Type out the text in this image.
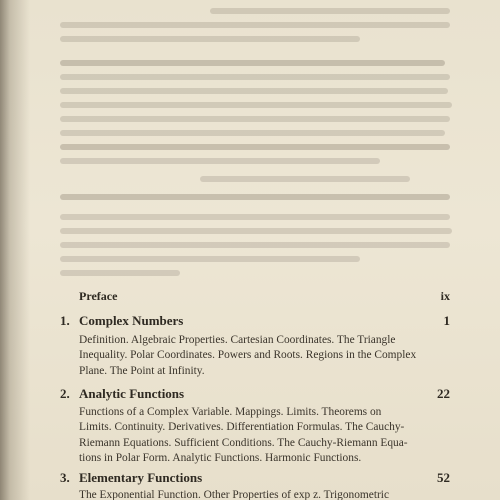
Preface	ix
1. Complex Numbers	1
Definition. Algebraic Properties. Cartesian Coordinates. The Triangle
Inequality. Polar Coordinates. Powers and Roots. Regions in the Complex
Plane. The Point at Infinity.
2. Analytic Functions	22
Functions of a Complex Variable. Mappings. Limits. Theorems on
Limits. Continuity. Derivatives. Differentiation Formulas. The Cauchy-
Riemann Equations. Sufficient Conditions. The Cauchy-Riemann Equa-
tions in Polar Form. Analytic Functions. Harmonic Functions.
3. Elementary Functions	52
The Exponential Function. Other Properties of exp z. Trigonometric
